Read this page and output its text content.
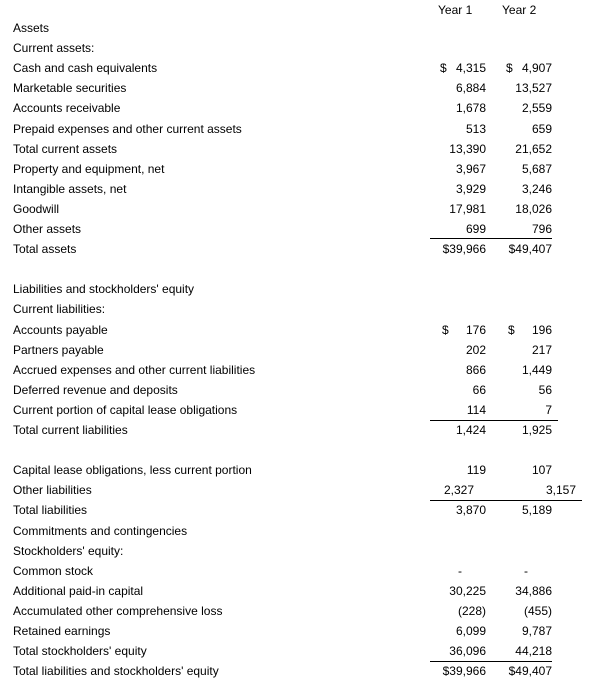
Year 1 Year 2
Assets
Current assets:
Cash and cash equivalents	$ 4,315 $ 4,907
Marketable securities	6,884 13,527
Accounts receivable	1,678	2,559
Prepaid expenses and other current assets	513	659
Total current assets	13,390 21,652
Property and equipment, net	3,967	5,687
Intangible assets, net	3,929	3,246
Goodwill	17,981 18,026
Other assets	699	796
Total assets	$39,966 $49,407
Liabilities and stockholders' equity
Current liabilities:
Accounts payable	$ 176 $ 196
Partners payable	202	217
Accrued expenses and other current liabilities	866	1,449
Deferred revenue and deposits	66	56
Current portion of capital lease obligations	114	7
Total current liabilities	1,424	1,925
Capital lease obligations, less current portion	119	107
Other liabilities	2,327	3,157
Total liabilities	3,870	5,189
Commitments and contingencies
Stockholders' equity:
Common stock	-	-
Additional paid-in capital	30,225 34,886
Accumulated other comprehensive loss	(228)	(455)
Retained earnings	6,099	9,787
Total stockholders' equity	36,096 44,218
Total liabilities and stockholders' equity	$39,966 $49,407
